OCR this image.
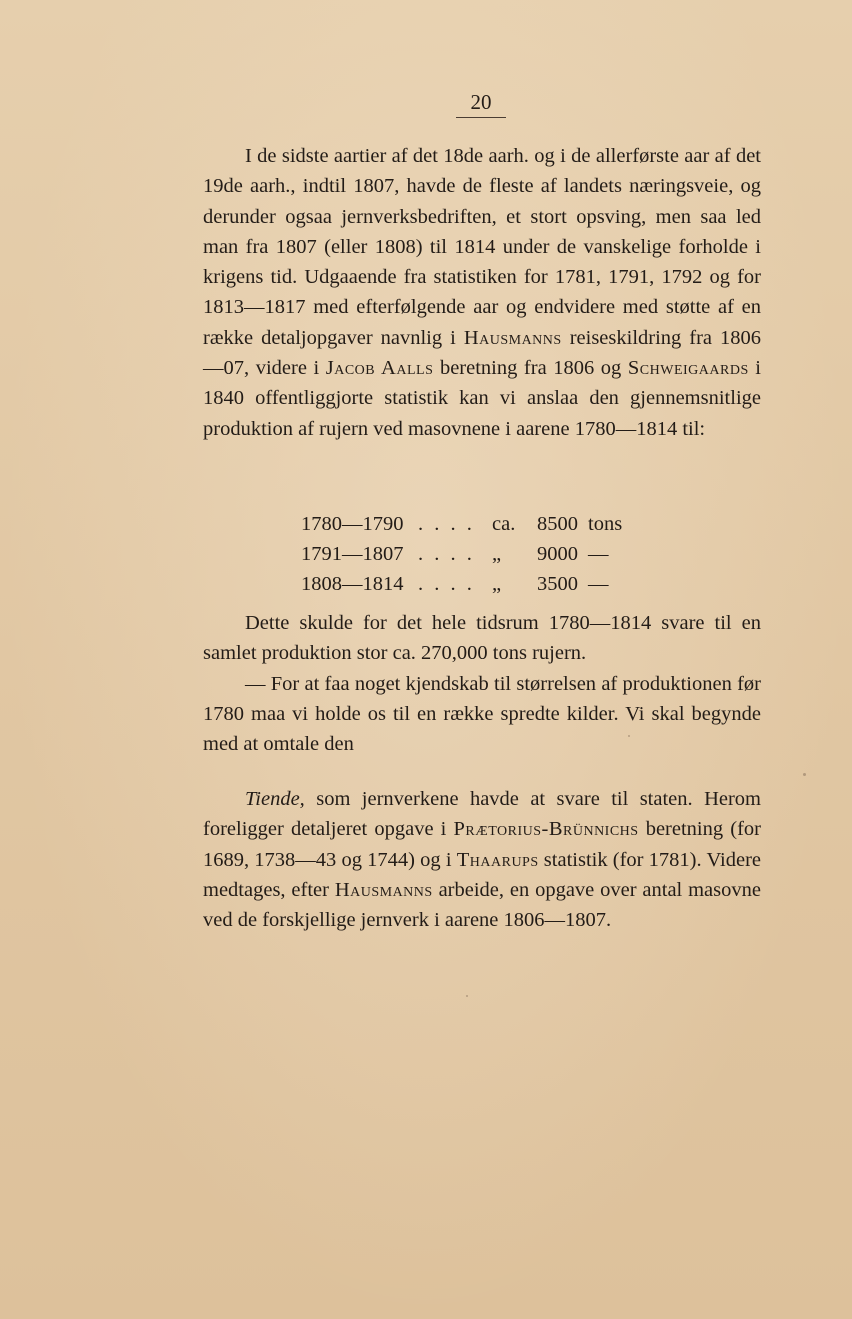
20

I de sidste aartier af det 18de aarh. og i de allerførste aar af det 19de aarh., indtil 1807, havde de fleste af landets næringsveie, og derunder ogsaa jernverksbedriften, et stort opsving, men saa led man fra 1807 (eller 1808) til 1814 under de vanskelige forholde i krigens tid. Udgaaende fra statistiken for 1781, 1791, 1792 og for 1813—1817 med efterfølgende aar og endvidere med støtte af en række detaljopgaver navnlig i Hausmanns reiseskildring fra 1806—07, videre i Jacob Aalls beretning fra 1806 og Schweigaards i 1840 offentliggjorte statistik kan vi anslaa den gjennemsnitlige produktion af rujern ved masovnene i aarene 1780—1814 til:

1780—1790	. . . .	ca.	8500	tons
1791—1807	. . . .	„	9000	—
1808—1814	. . . .	„	3500	—

Dette skulde for det hele tidsrum 1780—1814 svare til en samlet produktion stor ca. 270,000 tons rujern.
— For at faa noget kjendskab til størrelsen af produktionen før 1780 maa vi holde os til en række spredte kilder. Vi skal begynde med at omtale den

Tiende, som jernverkene havde at svare til staten. Herom foreligger detaljeret opgave i Prætorius-Brünnichs beretning (for 1689, 1738—43 og 1744) og i Thaarups statistik (for 1781). Videre medtages, efter Hausmanns arbeide, en opgave over antal masovne ved de forskjellige jernverk i aarene 1806—1807.
